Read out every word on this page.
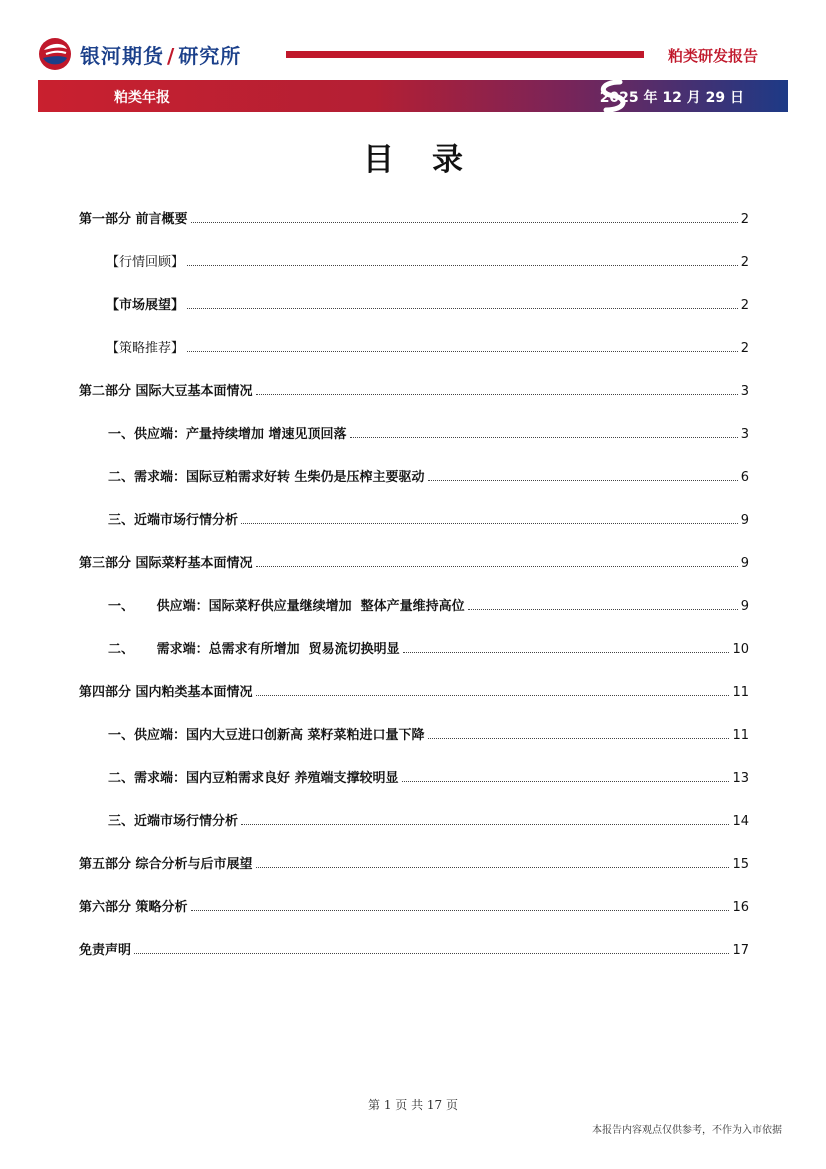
银河期货 / 研究所	粕类研发报告
粕类年报	2025 年 12 月 29 日
目录
第一部分 前言概要	2
【行情回顾】	2
【市场展望】	2
【策略推荐】	2
第二部分 国际大豆基本面情况	3
一、供应端：产量持续增加 增速见顶回落	3
二、需求端：国际豆粕需求好转 生柴仍是压榨主要驱动	6
三、近端市场行情分析	9
第三部分 国际菜籽基本面情况	9
一、     供应端：国际菜籽供应量继续增加  整体产量维持高位	9
二、     需求端：总需求有所增加  贸易流切换明显	10
第四部分 国内粕类基本面情况	11
一、供应端：国内大豆进口创新高 菜籽菜粕进口量下降	11
二、需求端：国内豆粕需求良好 养殖端支撑较明显	13
三、近端市场行情分析	14
第五部分 综合分析与后市展望	15
第六部分 策略分析	16
免责声明	17
第 1 页 共 17 页
本报告内容观点仅供参考，不作为入市依据
